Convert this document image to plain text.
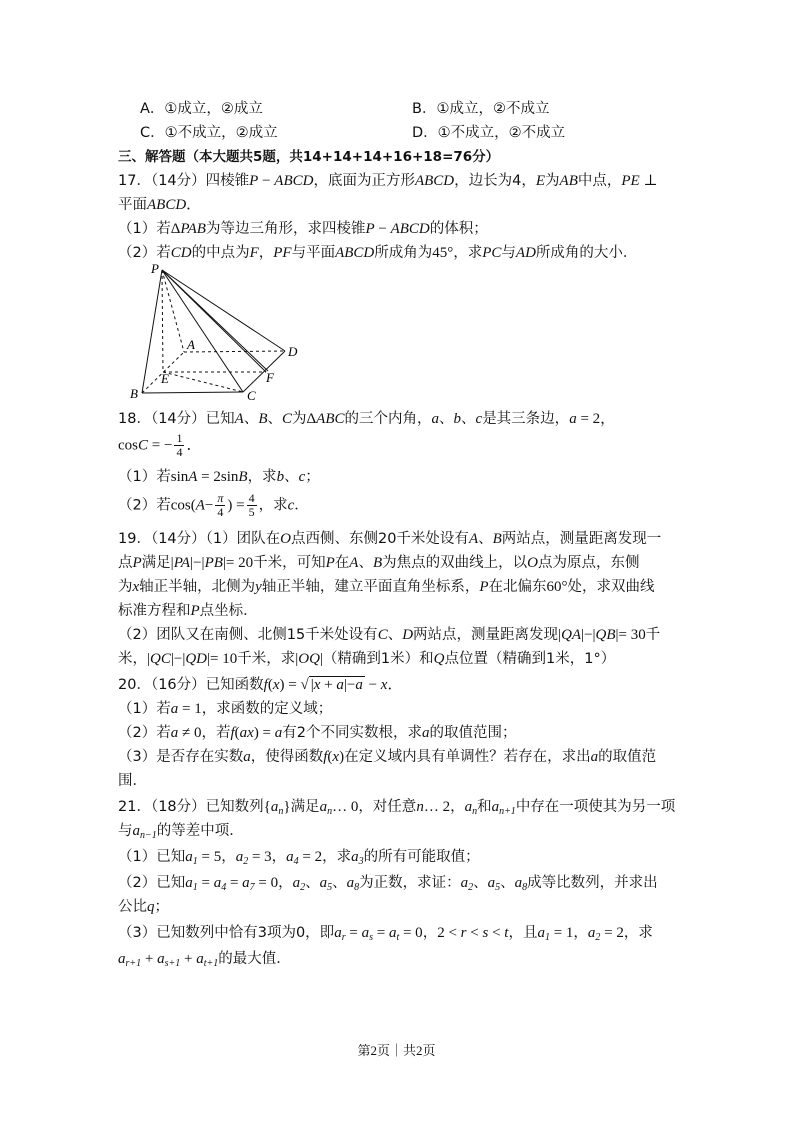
A．①成立，②成立	B．①成立，②不成立
C．①不成立，②成立	D．①不成立，②不成立
三、解答题（本大题共5题，共14+14+14+16+18=76分）
17．（14分）四棱锥P − ABCD，底面为正方形ABCD，边长为4，E为AB中点，PE ⊥
平面ABCD．
（1）若ΔPAB为等边三角形，求四棱锥P − ABCD的体积；
（2）若CD的中点为F，PF与平面ABCD所成角为45°，求PC与AD所成角的大小．
P
A	D
E	F
B	C
18．（14分）已知A、B、C为ΔABC的三个内角，a、b、c是其三条边，a = 2，
cosC = − $\frac{1}{4}$ ．
（1）若sinA = 2sinB，求b、c；
（2）若$\cos(A- \frac{\pi}{4}$ ) = $\frac{4}{5}$ ，求c．
19．（14分）（1）团队在O点西侧、东侧20千米处设有A、B两站点，测量距离发现一
点P满足|PA|−|PB|= 20千米，可知P在A、B为焦点的双曲线上，以O点为原点，东侧
为x轴正半轴，北侧为y轴正半轴，建立平面直角坐标系，P在北偏东60°处，求双曲线
标准方程和P点坐标．
（2）团队又在南侧、北侧15千米处设有C、D两站点，测量距离发现|QA|−|QB|= 30千
米，|QC|−|QD|= 10千米，求|OQ|（精确到1米）和Q点位置（精确到1米，1°）
20．（16分）已知函数f(x) = √ |x + a|−a − x．
（1）若a = 1，求函数的定义域；
（2）若a ≠ 0，若f(ax) = a有2个不同实数根，求a的取值范围；
（3）是否存在实数a，使得函数f(x)在定义域内具有单调性？若存在，求出a的取值范
围．
21．（18分）已知数列$\{a_n\}$满足$a_n\dots$ 0，对任意n… 2，$a_n$和$a_{n+1}$中存在一项使其为另一项
与$a_{n-1}$的等差中项．
（1）已知$a_1 = 5$，$a_2 = 3$，$a_4 = 2$，求$a_3$的所有可能取值；
（2）已知$a_1 = a_4 = a_7 = 0$，$a_2$、$a_5$、$a_8$为正数，求证：$a_2$、$a_5$、$a_8$成等比数列，并求出
公比q；
（3）已知数列中恰有3项为0，即$a_r = a_s = a_t = 0$，2 < r < s < t，且$a_1 = 1$，$a_2 = 2$，求
$a_{r+1} + a_{s+1} + a_{t+1}$的最大值．
第2页｜共2页
